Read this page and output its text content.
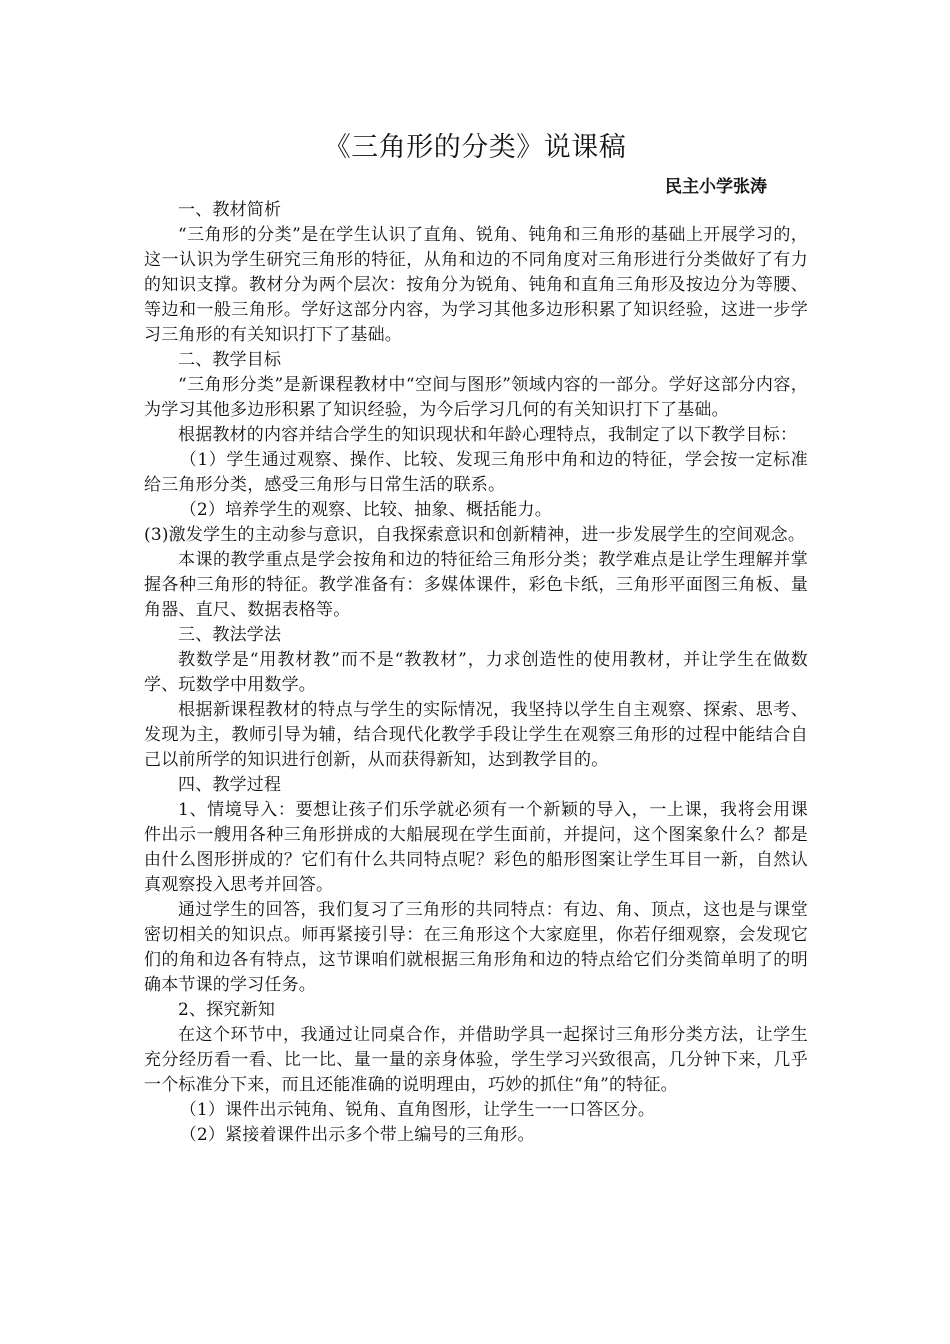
《三角形的分类》说课稿
民主小学张涛

一、教材简析

“三角形的分类”是在学生认识了直角、锐角、钝角和三角形的基础上开展学习的，这一认识为学生研究三角形的特征，从角和边的不同角度对三角形进行分类做好了有力的知识支撑。教材分为两个层次：按角分为锐角、钝角和直角三角形及按边分为等腰、等边和一般三角形。学好这部分内容，为学习其他多边形积累了知识经验，这进一步学习三角形的有关知识打下了基础。

二、教学目标

“三角形分类”是新课程教材中“空间与图形”领域内容的一部分。学好这部分内容，为学习其他多边形积累了知识经验，为今后学习几何的有关知识打下了基础。

根据教材的内容并结合学生的知识现状和年龄心理特点，我制定了以下教学目标：

（1）学生通过观察、操作、比较、发现三角形中角和边的特征，学会按一定标准给三角形分类，感受三角形与日常生活的联系。

（2）培养学生的观察、比较、抽象、概括能力。

(3)激发学生的主动参与意识，自我探索意识和创新精神，进一步发展学生的空间观念。

本课的教学重点是学会按角和边的特征给三角形分类；教学难点是让学生理解并掌握各种三角形的特征。教学准备有：多媒体课件，彩色卡纸，三角形平面图三角板、量角器、直尺、数据表格等。

三、教法学法

教数学是“用教材教”而不是“教教材”，力求创造性的使用教材，并让学生在做数学、玩数学中用数学。

根据新课程教材的特点与学生的实际情况，我坚持以学生自主观察、探索、思考、发现为主，教师引导为辅，结合现代化教学手段让学生在观察三角形的过程中能结合自己以前所学的知识进行创新，从而获得新知，达到教学目的。

四、教学过程

1、情境导入：要想让孩子们乐学就必须有一个新颖的导入，一上课，我将会用课件出示一艘用各种三角形拼成的大船展现在学生面前，并提问，这个图案象什么？都是由什么图形拼成的？它们有什么共同特点呢？彩色的船形图案让学生耳目一新，自然认真观察投入思考并回答。

通过学生的回答，我们复习了三角形的共同特点：有边、角、顶点，这也是与课堂密切相关的知识点。师再紧接引导：在三角形这个大家庭里，你若仔细观察，会发现它们的角和边各有特点，这节课咱们就根据三角形角和边的特点给它们分类简单明了的明确本节课的学习任务。

2、探究新知

在这个环节中，我通过让同桌合作，并借助学具一起探讨三角形分类方法，让学生充分经历看一看、比一比、量一量的亲身体验，学生学习兴致很高，几分钟下来，几乎一个标准分下来，而且还能准确的说明理由，巧妙的抓住“角”的特征。

（1）课件出示钝角、锐角、直角图形，让学生一一口答区分。

（2）紧接着课件出示多个带上编号的三角形。
